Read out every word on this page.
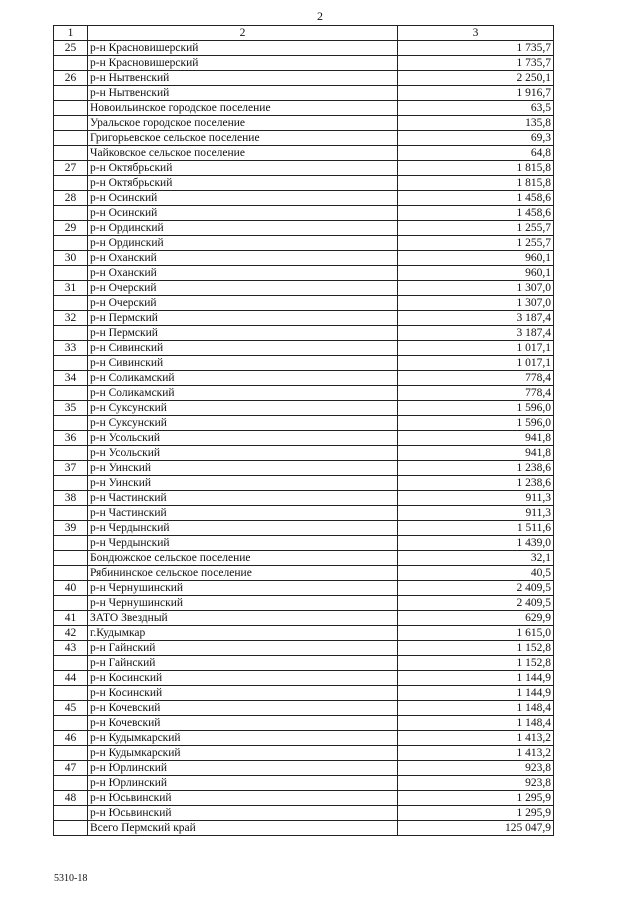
2
1	2	3
25	р-н Красновишерский	1 735,7
	р-н Красновишерский	1 735,7
26	р-н Нытвенский	2 250,1
	р-н Нытвенский	1 916,7
	Новоильинское городское поселение	63,5
	Уральское городское поселение	135,8
	Григорьевское сельское поселение	69,3
	Чайковское сельское поселение	64,8
27	р-н Октябрьский	1 815,8
	р-н Октябрьский	1 815,8
28	р-н Осинский	1 458,6
	р-н Осинский	1 458,6
29	р-н Ординский	1 255,7
	р-н Ординский	1 255,7
30	р-н Оханский	960,1
	р-н Оханский	960,1
31	р-н Очерский	1 307,0
	р-н Очерский	1 307,0
32	р-н Пермский	3 187,4
	р-н Пермский	3 187,4
33	р-н Сивинский	1 017,1
	р-н Сивинский	1 017,1
34	р-н Соликамский	778,4
	р-н Соликамский	778,4
35	р-н Суксунский	1 596,0
	р-н Суксунский	1 596,0
36	р-н Усольский	941,8
	р-н Усольский	941,8
37	р-н Уинский	1 238,6
	р-н Уинский	1 238,6
38	р-н Частинский	911,3
	р-н Частинский	911,3
39	р-н Чердынский	1 511,6
	р-н Чердынский	1 439,0
	Бондюжское сельское поселение	32,1
	Рябининское сельское поселение	40,5
40	р-н Чернушинский	2 409,5
	р-н Чернушинский	2 409,5
41	ЗАТО Звездный	629,9
42	г.Кудымкар	1 615,0
43	р-н Гайнский	1 152,8
	р-н Гайнский	1 152,8
44	р-н Косинский	1 144,9
	р-н Косинский	1 144,9
45	р-н Кочевский	1 148,4
	р-н Кочевский	1 148,4
46	р-н Кудымкарский	1 413,2
	р-н Кудымкарский	1 413,2
47	р-н Юрлинский	923,8
	р-н Юрлинский	923,8
48	р-н Юсьвинский	1 295,9
	р-н Юсьвинский	1 295,9
	Всего Пермский край	125 047,9
5310-18
